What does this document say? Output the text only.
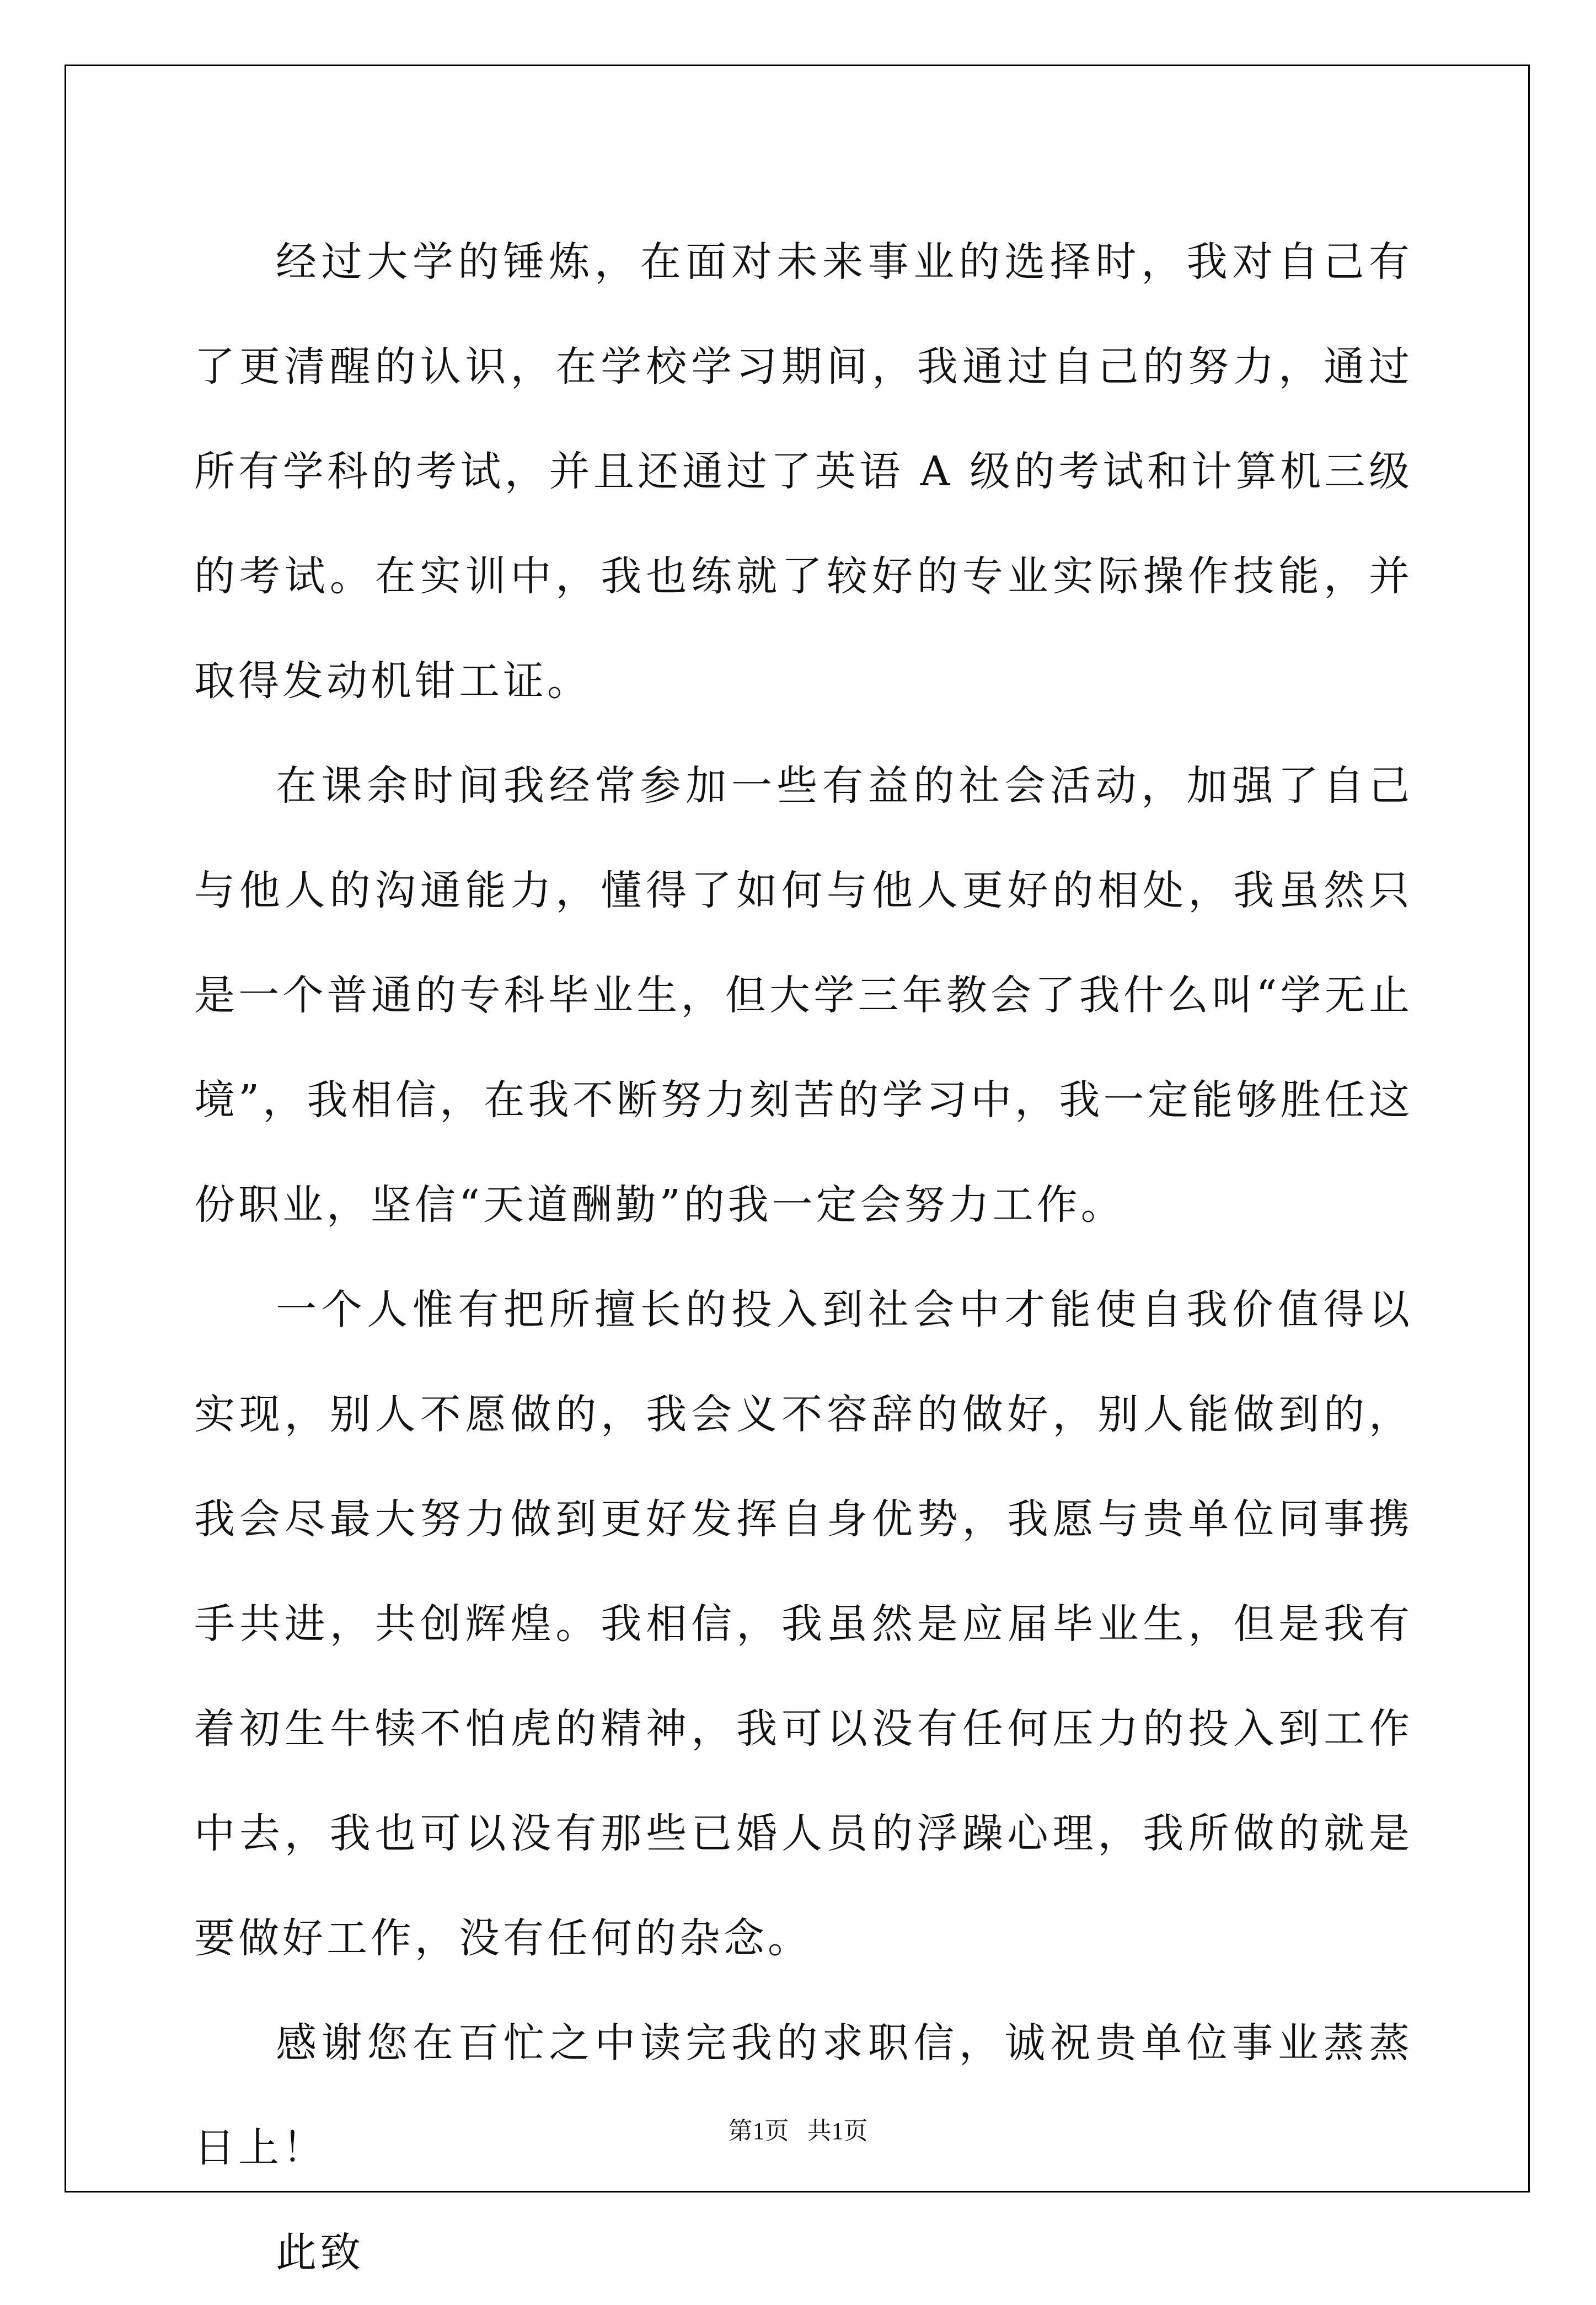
经过大学的锤炼，在面对未来事业的选择时，我对自己有了更清醒的认识，在学校学习期间，我通过自己的努力，通过所有学科的考试，并且还通过了英语 A 级的考试和计算机三级的考试。在实训中，我也练就了较好的专业实际操作技能，并取得发动机钳工证。

在课余时间我经常参加一些有益的社会活动，加强了自己与他人的沟通能力，懂得了如何与他人更好的相处，我虽然只是一个普通的专科毕业生，但大学三年教会了我什么叫“学无止境”，我相信，在我不断努力刻苦的学习中，我一定能够胜任这份职业，坚信“天道酬勤”的我一定会努力工作。

一个人惟有把所擅长的投入到社会中才能使自我价值得以实现，别人不愿做的，我会义不容辞的做好，别人能做到的，我会尽最大努力做到更好发挥自身优势，我愿与贵单位同事携手共进，共创辉煌。我相信，我虽然是应届毕业生，但是我有着初生牛犊不怕虎的精神，我可以没有任何压力的投入到工作中去，我也可以没有那些已婚人员的浮躁心理，我所做的就是要做好工作，没有任何的杂念。

感谢您在百忙之中读完我的求职信，诚祝贵单位事业蒸蒸日上！

此致

第1页   共1页
